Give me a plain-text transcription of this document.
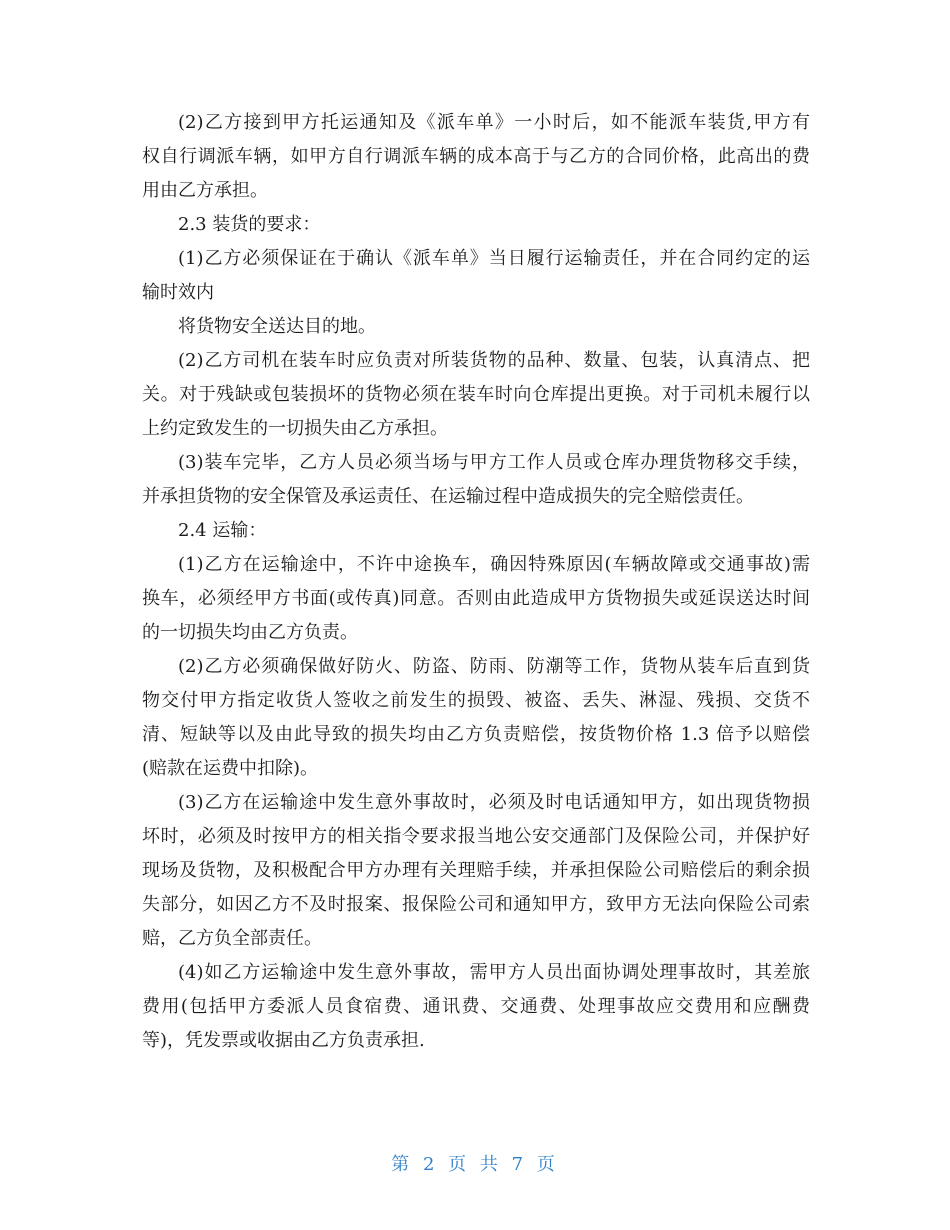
(2)乙方接到甲方托运通知及《派车单》一小时后，如不能派车装货,甲方有
权自行调派车辆，如甲方自行调派车辆的成本高于与乙方的合同价格，此高出的费
用由乙方承担。
2.3 装货的要求：
(1)乙方必须保证在于确认《派车单》当日履行运输责任，并在合同约定的运
输时效内
将货物安全送达目的地。
(2)乙方司机在装车时应负责对所装货物的品种、数量、包装，认真清点、把
关。对于残缺或包装损坏的货物必须在装车时向仓库提出更换。对于司机未履行以
上约定致发生的一切损失由乙方承担。
(3)装车完毕，乙方人员必须当场与甲方工作人员或仓库办理货物移交手续，
并承担货物的安全保管及承运责任、在运输过程中造成损失的完全赔偿责任。
2.4 运输：
(1)乙方在运输途中，不许中途换车，确因特殊原因(车辆故障或交通事故)需
换车，必须经甲方书面(或传真)同意。否则由此造成甲方货物损失或延误送达时间
的一切损失均由乙方负责。
(2)乙方必须确保做好防火、防盗、防雨、防潮等工作，货物从装车后直到货
物交付甲方指定收货人签收之前发生的损毁、被盗、丢失、淋湿、残损、交货不
清、短缺等以及由此导致的损失均由乙方负责赔偿，按货物价格 1.3 倍予以赔偿
(赔款在运费中扣除)。
(3)乙方在运输途中发生意外事故时，必须及时电话通知甲方，如出现货物损
坏时，必须及时按甲方的相关指令要求报当地公安交通部门及保险公司，并保护好
现场及货物，及积极配合甲方办理有关理赔手续，并承担保险公司赔偿后的剩余损
失部分，如因乙方不及时报案、报保险公司和通知甲方，致甲方无法向保险公司索
赔，乙方负全部责任。
(4)如乙方运输途中发生意外事故，需甲方人员出面协调处理事故时，其差旅
费用(包括甲方委派人员食宿费、通讯费、交通费、处理事故应交费用和应酬费
等)，凭发票或收据由乙方负责承担.
第 2 页 共 7 页
